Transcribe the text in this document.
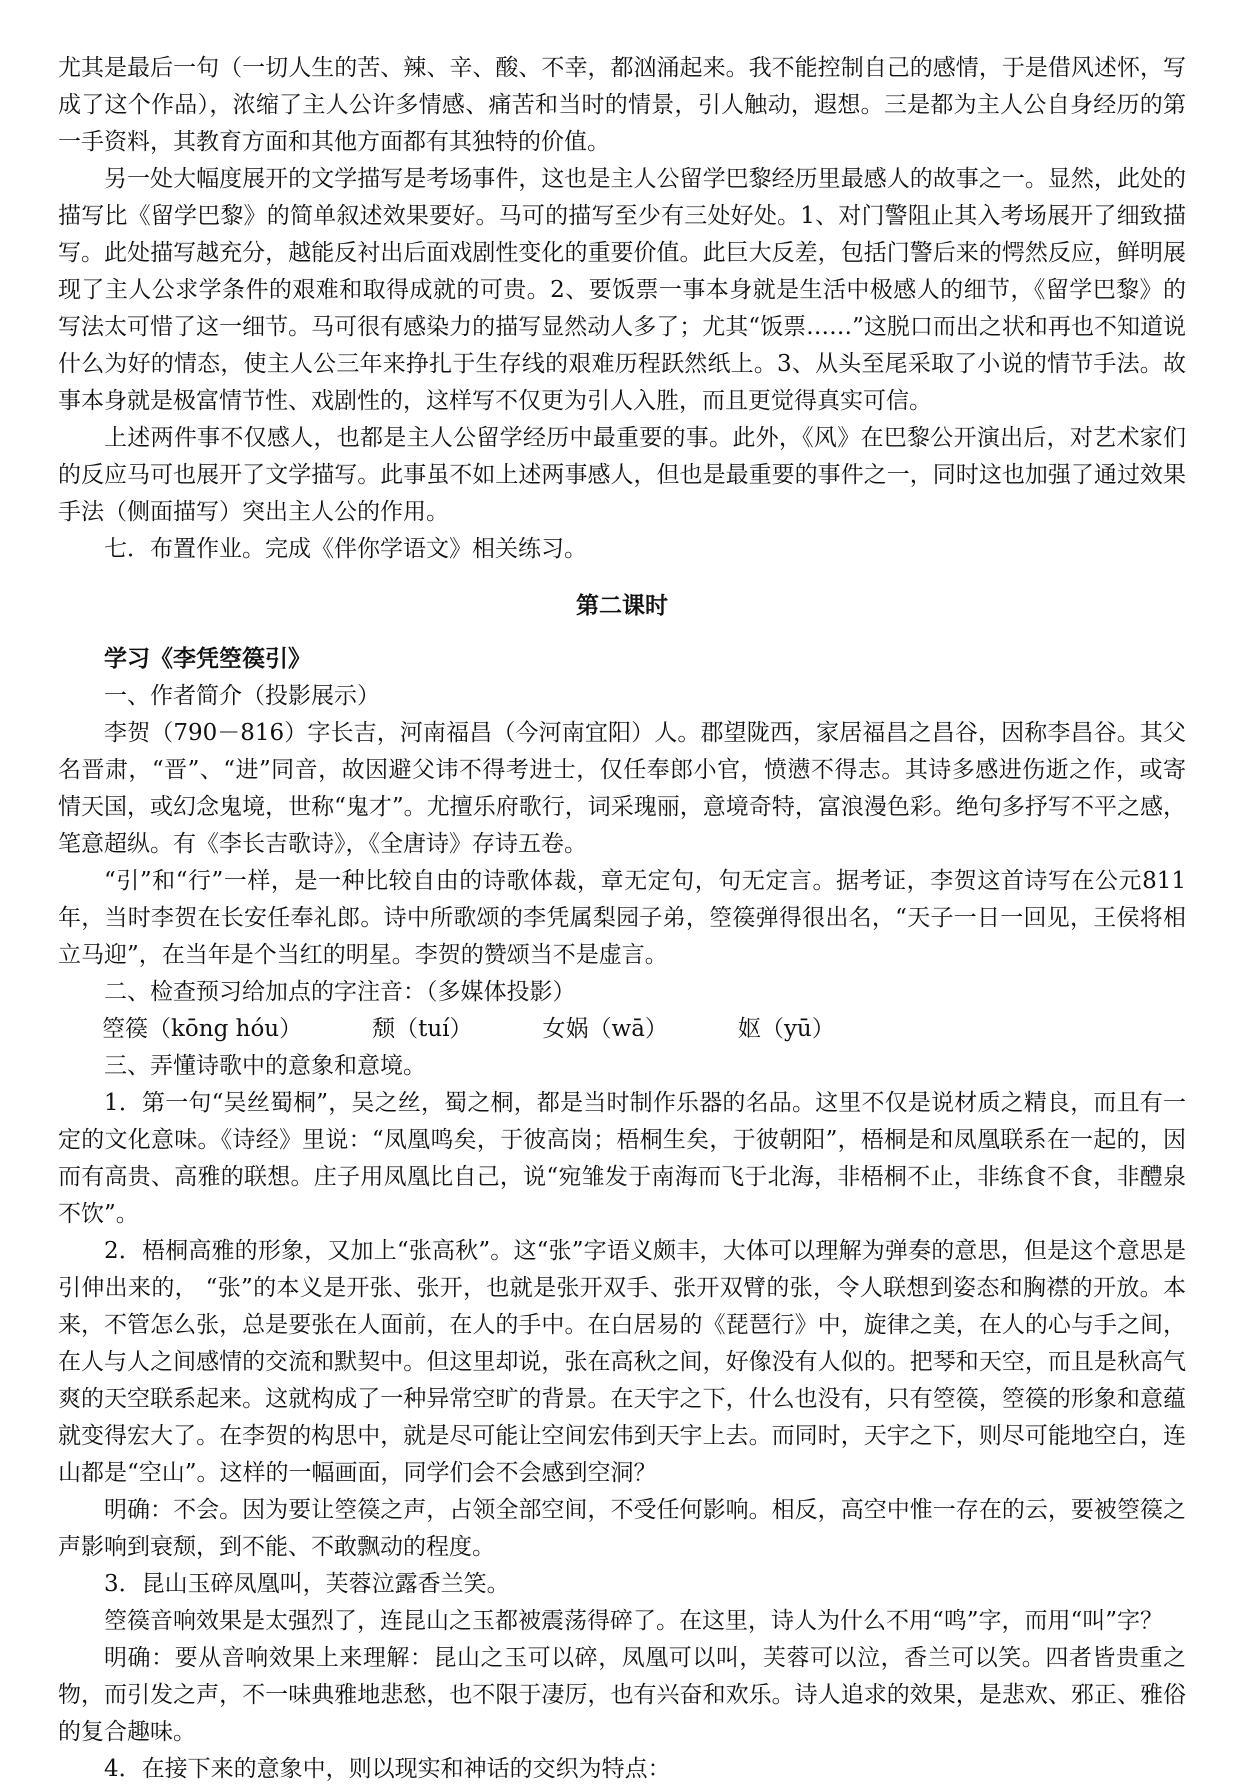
尤其是最后一句（一切人生的苦、辣、辛、酸、不幸，都汹涌起来。我不能控制自己的感情，于是借风述怀，写成了这个作品），浓缩了主人公许多情感、痛苦和当时的情景，引人触动，遐想。三是都为主人公自身经历的第一手资料，其教育方面和其他方面都有其独特的价值。

另一处大幅度展开的文学描写是考场事件，这也是主人公留学巴黎经历里最感人的故事之一。显然，此处的描写比《留学巴黎》的简单叙述效果要好。马可的描写至少有三处好处。1、对门警阻止其入考场展开了细致描写。此处描写越充分，越能反衬出后面戏剧性变化的重要价值。此巨大反差，包括门警后来的愕然反应，鲜明展现了主人公求学条件的艰难和取得成就的可贵。2、要饭票一事本身就是生活中极感人的细节，《留学巴黎》的写法太可惜了这一细节。马可很有感染力的描写显然动人多了；尤其“饭票……”这脱口而出之状和再也不知道说什么为好的情态，使主人公三年来挣扎于生存线的艰难历程跃然纸上。3、从头至尾采取了小说的情节手法。故事本身就是极富情节性、戏剧性的，这样写不仅更为引人入胜，而且更觉得真实可信。

上述两件事不仅感人，也都是主人公留学经历中最重要的事。此外，《风》在巴黎公开演出后，对艺术家们的反应马可也展开了文学描写。此事虽不如上述两事感人，但也是最重要的事件之一，同时这也加强了通过效果手法（侧面描写）突出主人公的作用。

七．布置作业。完成《伴你学语文》相关练习。

第二课时

学习《李凭箜篌引》

一、作者简介（投影展示）

李贺（790－816）字长吉，河南福昌（今河南宜阳）人。郡望陇西，家居福昌之昌谷，因称李昌谷。其父名晋肃，“晋”、“进”同音，故因避父讳不得考进士，仅任奉郎小官，愤懑不得志。其诗多感进伤逝之作，或寄情天国，或幻念鬼境，世称“鬼才”。尤擅乐府歌行，词采瑰丽，意境奇特，富浪漫色彩。绝句多抒写不平之感，笔意超纵。有《李长吉歌诗》，《全唐诗》存诗五卷。

“引”和“行”一样，是一种比较自由的诗歌体裁，章无定句，句无定言。据考证，李贺这首诗写在公元811年，当时李贺在长安任奉礼郎。诗中所歌颂的李凭属梨园子弟，箜篌弹得很出名，“天子一日一回见，王侯将相立马迎”，在当年是个当红的明星。李贺的赞颂当不是虚言。

二、检查预习给加点的字注音：（多媒体投影）

箜篌（kōng hóu）	颓（tuí）	女娲（wā）	妪（yū）

三、弄懂诗歌中的意象和意境。

1．第一句“吴丝蜀桐”，吴之丝，蜀之桐，都是当时制作乐器的名品。这里不仅是说材质之精良，而且有一定的文化意味。《诗经》里说：“凤凰鸣矣，于彼高岗；梧桐生矣，于彼朝阳”，梧桐是和凤凰联系在一起的，因而有高贵、高雅的联想。庄子用凤凰比自己，说“宛雏发于南海而飞于北海，非梧桐不止，非练食不食，非醴泉不饮”。

2．梧桐高雅的形象，又加上“张高秋”。这“张”字语义颇丰，大体可以理解为弹奏的意思，但是这个意思是引伸出来的， “张”的本义是开张、张开，也就是张开双手、张开双臂的张，令人联想到姿态和胸襟的开放。本来，不管怎么张，总是要张在人面前，在人的手中。在白居易的《琵琶行》中，旋律之美，在人的心与手之间，在人与人之间感情的交流和默契中。但这里却说，张在高秋之间，好像没有人似的。把琴和天空，而且是秋高气爽的天空联系起来。这就构成了一种异常空旷的背景。在天宇之下，什么也没有，只有箜篌，箜篌的形象和意蕴就变得宏大了。在李贺的构思中，就是尽可能让空间宏伟到天宇上去。而同时，天宇之下，则尽可能地空白，连山都是“空山”。这样的一幅画面，同学们会不会感到空洞？

明确：不会。因为要让箜篌之声，占领全部空间，不受任何影响。相反，高空中惟一存在的云，要被箜篌之声影响到衰颓，到不能、不敢飘动的程度。

3．昆山玉碎凤凰叫，芙蓉泣露香兰笑。

箜篌音响效果是太强烈了，连昆山之玉都被震荡得碎了。在这里，诗人为什么不用“鸣”字，而用“叫”字？

明确：要从音响效果上来理解：昆山之玉可以碎，凤凰可以叫，芙蓉可以泣，香兰可以笑。四者皆贵重之物，而引发之声，不一味典雅地悲愁，也不限于凄厉，也有兴奋和欢乐。诗人追求的效果，是悲欢、邪正、雅俗的复合趣味。

4．在接下来的意象中，则以现实和神话的交织为特点：
